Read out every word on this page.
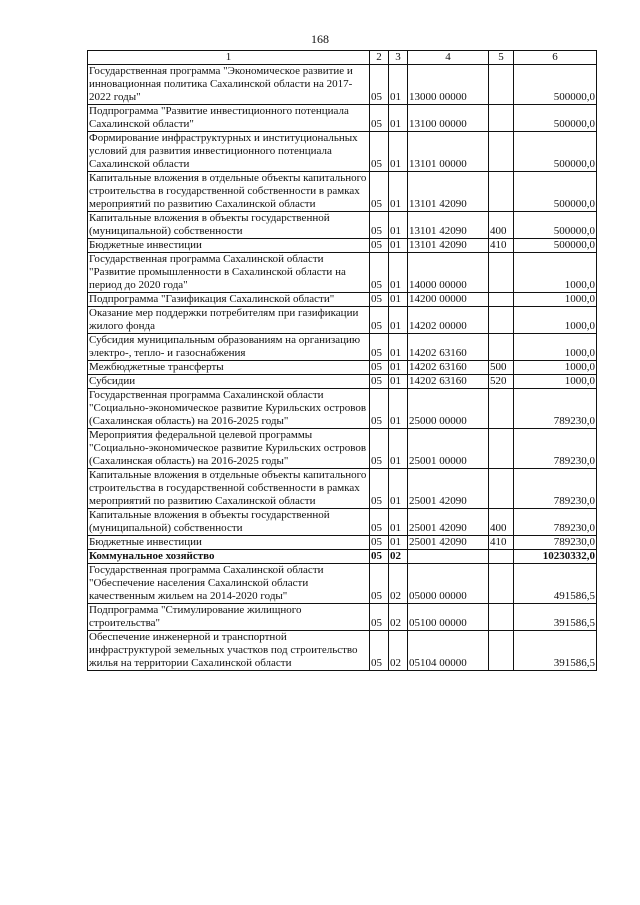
168
1	2	3	4	5	6
Государственная программа "Экономическое развитие и инновационная политика Сахалинской области на 2017-2022 годы"	05	01	13000 00000		500000,0
Подпрограмма "Развитие инвестиционного потенциала Сахалинской области"	05	01	13100 00000		500000,0
Формирование инфраструктурных и институциональных условий для развития инвестиционного потенциала Сахалинской области	05	01	13101 00000		500000,0
Капитальные вложения в отдельные объекты капитального строительства в государственной собственности в рамках мероприятий по развитию Сахалинской области	05	01	13101 42090		500000,0
Капитальные вложения в объекты государственной (муниципальной) собственности	05	01	13101 42090	400	500000,0
Бюджетные инвестиции	05	01	13101 42090	410	500000,0
Государственная программа Сахалинской области "Развитие промышленности в Сахалинской области на период до 2020 года"	05	01	14000 00000		1000,0
Подпрограмма "Газификация Сахалинской области"	05	01	14200 00000		1000,0
Оказание мер поддержки потребителям при газификации жилого фонда	05	01	14202 00000		1000,0
Субсидия муниципальным образованиям на организацию электро-, тепло- и газоснабжения	05	01	14202 63160		1000,0
Межбюджетные трансферты	05	01	14202 63160	500	1000,0
Субсидии	05	01	14202 63160	520	1000,0
Государственная программа Сахалинской области "Социально-экономическое развитие Курильских островов (Сахалинская область) на 2016-2025 годы"	05	01	25000 00000		789230,0
Мероприятия федеральной целевой программы "Социально-экономическое развитие Курильских островов (Сахалинская область) на 2016-2025 годы"	05	01	25001 00000		789230,0
Капитальные вложения в отдельные объекты капитального строительства в государственной собственности в рамках мероприятий по развитию Сахалинской области	05	01	25001 42090		789230,0
Капитальные вложения в объекты государственной (муниципальной) собственности	05	01	25001 42090	400	789230,0
Бюджетные инвестиции	05	01	25001 42090	410	789230,0
Коммунальное хозяйство	05	02			10230332,0
Государственная программа Сахалинской области "Обеспечение населения Сахалинской области качественным жильем на 2014-2020 годы"	05	02	05000 00000		491586,5
Подпрограмма "Стимулирование жилищного строительства"	05	02	05100 00000		391586,5
Обеспечение инженерной и транспортной инфраструктурой земельных участков под строительство жилья на территории Сахалинской области	05	02	05104 00000		391586,5
